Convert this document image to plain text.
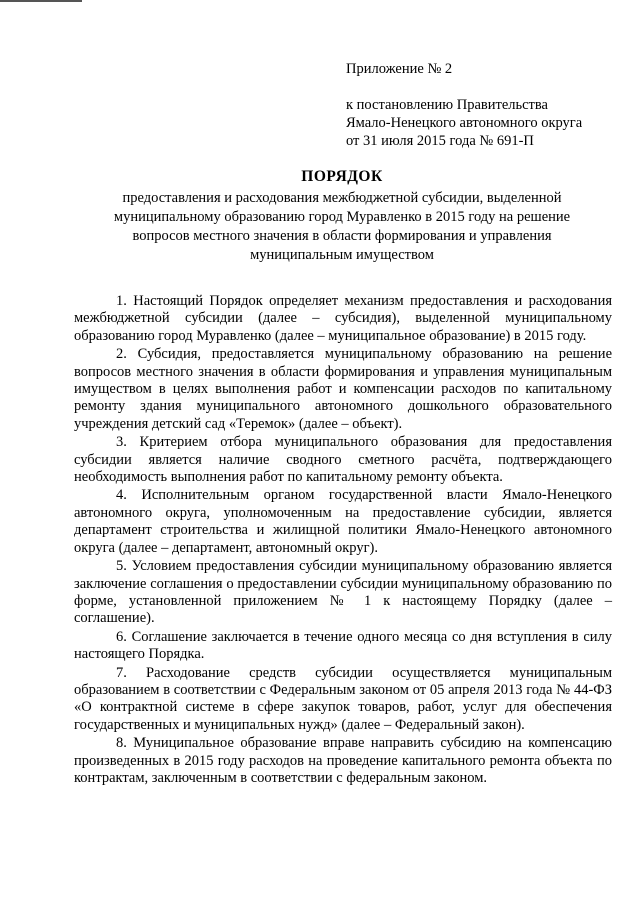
Приложение № 2
к постановлению Правительства
Ямало-Ненецкого автономного округа
от 31 июля 2015 года № 691-П
ПОРЯДОК
предоставления и расходования межбюджетной субсидии, выделенной
муниципальному образованию город Муравленко в 2015 году на решение
вопросов местного значения в области формирования и управления
муниципальным имуществом

1. Настоящий Порядок определяет механизм предоставления и расходования межбюджетной субсидии (далее – субсидия), выделенной муниципальному образованию город Муравленко (далее – муниципальное образование) в 2015 году.

2. Субсидия, предоставляется муниципальному образованию на решение вопросов местного значения в области формирования и управления муниципальным имуществом в целях выполнения работ и компенсации расходов по капитальному ремонту здания муниципального автономного дошкольного образовательного учреждения детский сад «Теремок» (далее – объект).

3. Критерием отбора муниципального образования для предоставления субсидии является наличие сводного сметного расчёта, подтверждающего необходимость выполнения работ по капитальному ремонту объекта.

4. Исполнительным органом государственной власти Ямало-Ненецкого автономного округа, уполномоченным на предоставление субсидии, является департамент строительства и жилищной политики Ямало-Ненецкого автономного округа (далее – департамент, автономный округ).

5. Условием предоставления субсидии муниципальному образованию является заключение соглашения о предоставлении субсидии муниципальному образованию по форме, установленной приложением № 1 к настоящему Порядку (далее – соглашение).

6. Соглашение заключается в течение одного месяца со дня вступления в силу настоящего Порядка.

7. Расходование средств субсидии осуществляется муниципальным образованием в соответствии с Федеральным законом от 05 апреля 2013 года № 44-ФЗ «О контрактной системе в сфере закупок товаров, работ, услуг для обеспечения государственных и муниципальных нужд» (далее – Федеральный закон).

8. Муниципальное образование вправе направить субсидию на компенсацию произведенных в 2015 году расходов на проведение капитального ремонта объекта по контрактам, заключенным в соответствии с федеральным законом.
